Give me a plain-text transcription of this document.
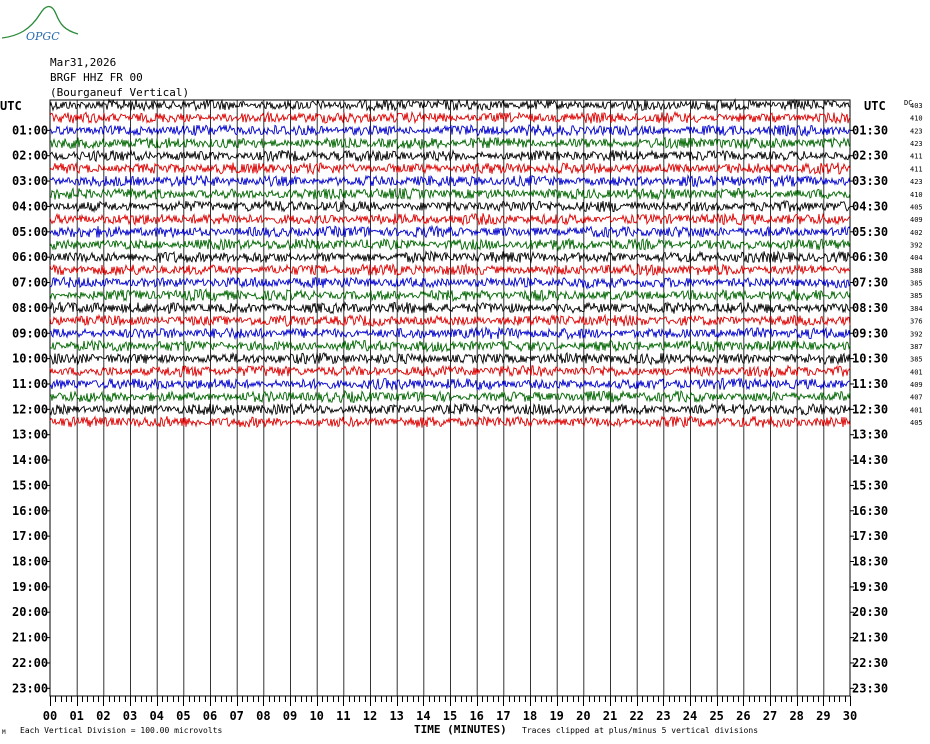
OPGC
Mar31,2026
BRGF HHZ FR 00
(Bourganeuf Vertical)
00 01 02 03 04 05 06 07 08 09 10 11 12 13 14 15 16 17 18 19 20 21 22 23 24 25 26 27 28 29 30
UTC	UTC	DC
01:00
02:00
03:00
04:00
05:00
06:00
07:00
08:00
09:00
10:00
11:00
12:00
13:00
14:00
15:00
16:00
17:00
18:00
19:00
20:00
21:00
22:00
23:00
01:30
02:30
03:30
04:30
05:30
06:30
07:30
08:30
09:30
10:30
11:30
12:30
13:30
14:30
15:30
16:30
17:30
18:30
19:30
20:30
21:30
22:30
23:30
403
410
423
423
411
411
423
410
405
409
402
392
404
388
385
385
384
376
392
387
385
401
409
407
401
405
M Each Vertical Division = 100.00 microvolts	TIME (MINUTES) Traces clipped at plus/minus 5 vertical divisions
